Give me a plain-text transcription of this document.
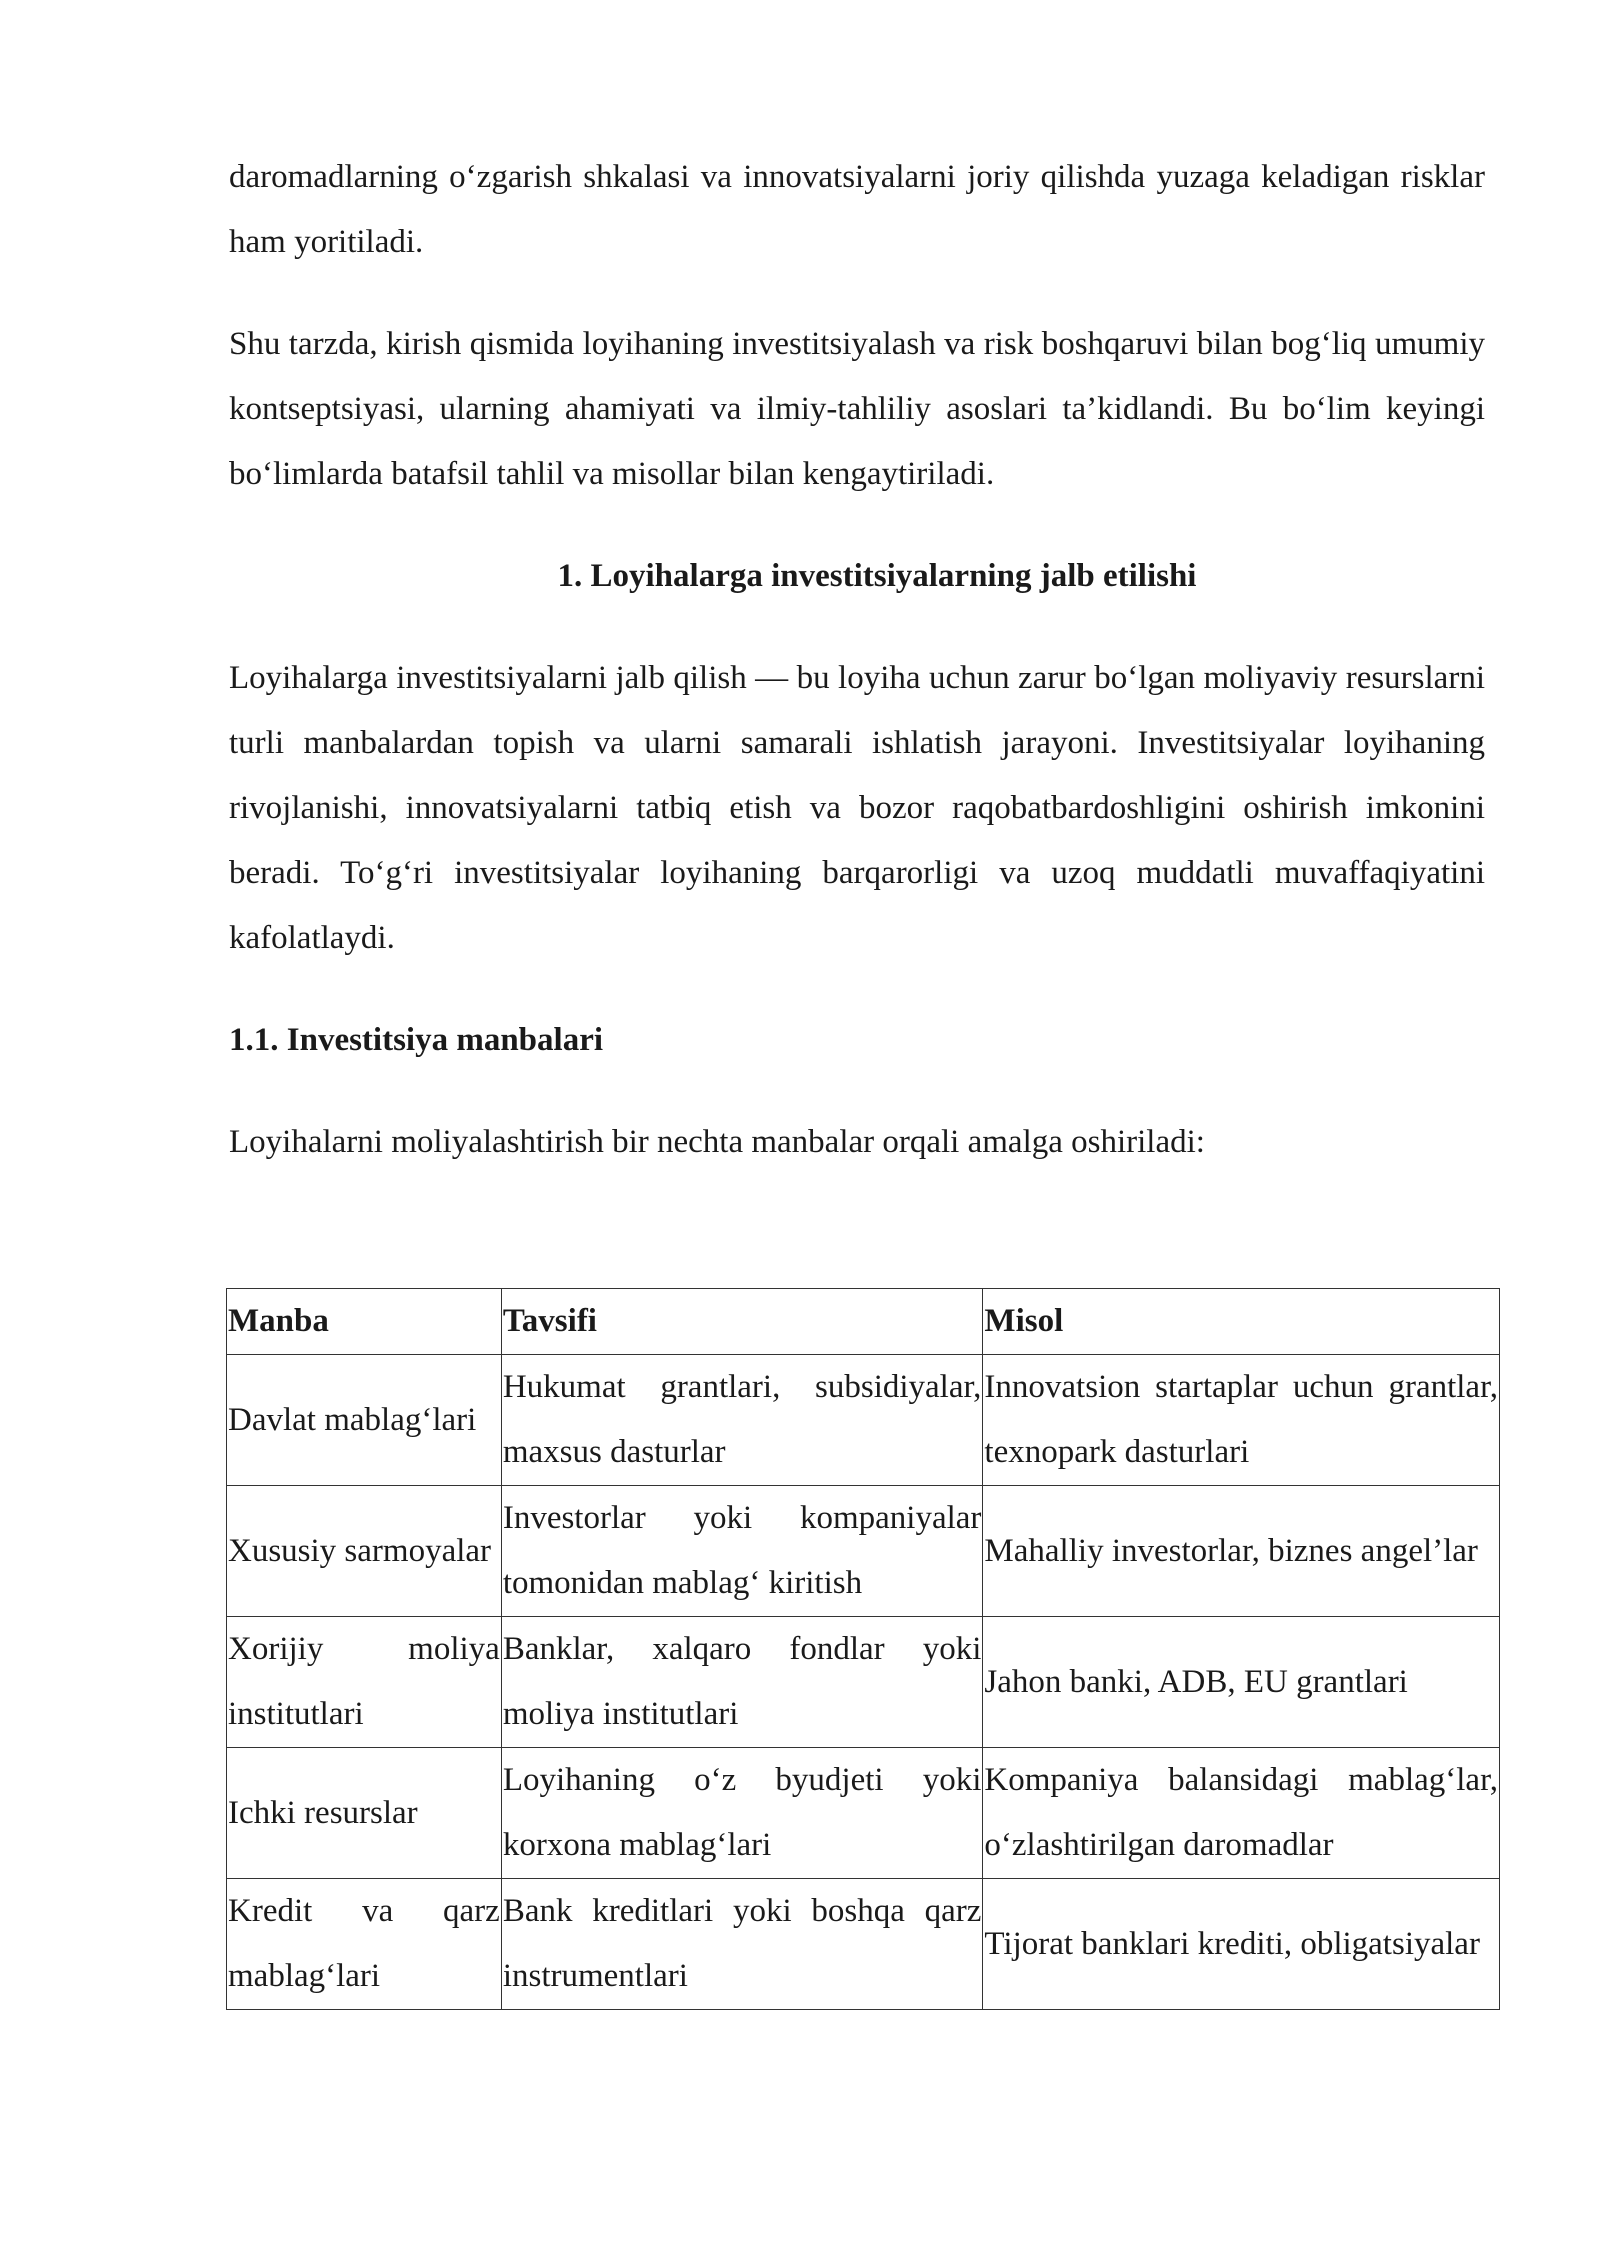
daromadlarning o‘zgarish shkalasi va innovatsiyalarni joriy qilishda yuzaga keladigan risklar ham yoritiladi.

Shu tarzda, kirish qismida loyihaning investitsiyalash va risk boshqaruvi bilan bog‘liq umumiy kontseptsiyasi, ularning ahamiyati va ilmiy-tahliliy asoslari ta’kidlandi. Bu bo‘lim keyingi bo‘limlarda batafsil tahlil va misollar bilan kengaytiriladi.

1. Loyihalarga investitsiyalarning jalb etilishi

Loyihalarga investitsiyalarni jalb qilish — bu loyiha uchun zarur bo‘lgan moliyaviy resurslarni turli manbalardan topish va ularni samarali ishlatish jarayoni. Investitsiyalar loyihaning rivojlanishi, innovatsiyalarni tatbiq etish va bozor raqobatbardoshligini oshirish imkonini beradi. To‘g‘ri investitsiyalar loyihaning barqarorligi va uzoq muddatli muvaffaqiyatini kafolatlaydi.

1.1. Investitsiya manbalari

Loyihalarni moliyalashtirish bir nechta manbalar orqali amalga oshiriladi:

Manba	Tavsifi	Misol
Davlat mablag‘lari	Hukumat grantlari, subsidiyalar, maxsus dasturlar	Innovatsion startaplar uchun grantlar, texnopark dasturlari
Xususiy sarmoyalar	Investorlar yoki kompaniyalar tomonidan mablag‘ kiritish	Mahalliy investorlar, biznes angel’lar
Xorijiy moliya institutlari	Banklar, xalqaro fondlar yoki moliya institutlari	Jahon banki, ADB, EU grantlari
Ichki resurslar	Loyihaning o‘z byudjeti yoki korxona mablag‘lari	Kompaniya balansidagi mablag‘lar, o‘zlashtirilgan daromadlar
Kredit va qarz mablag‘lari	Bank kreditlari yoki boshqa qarz instrumentlari	Tijorat banklari krediti, obligatsiyalar
